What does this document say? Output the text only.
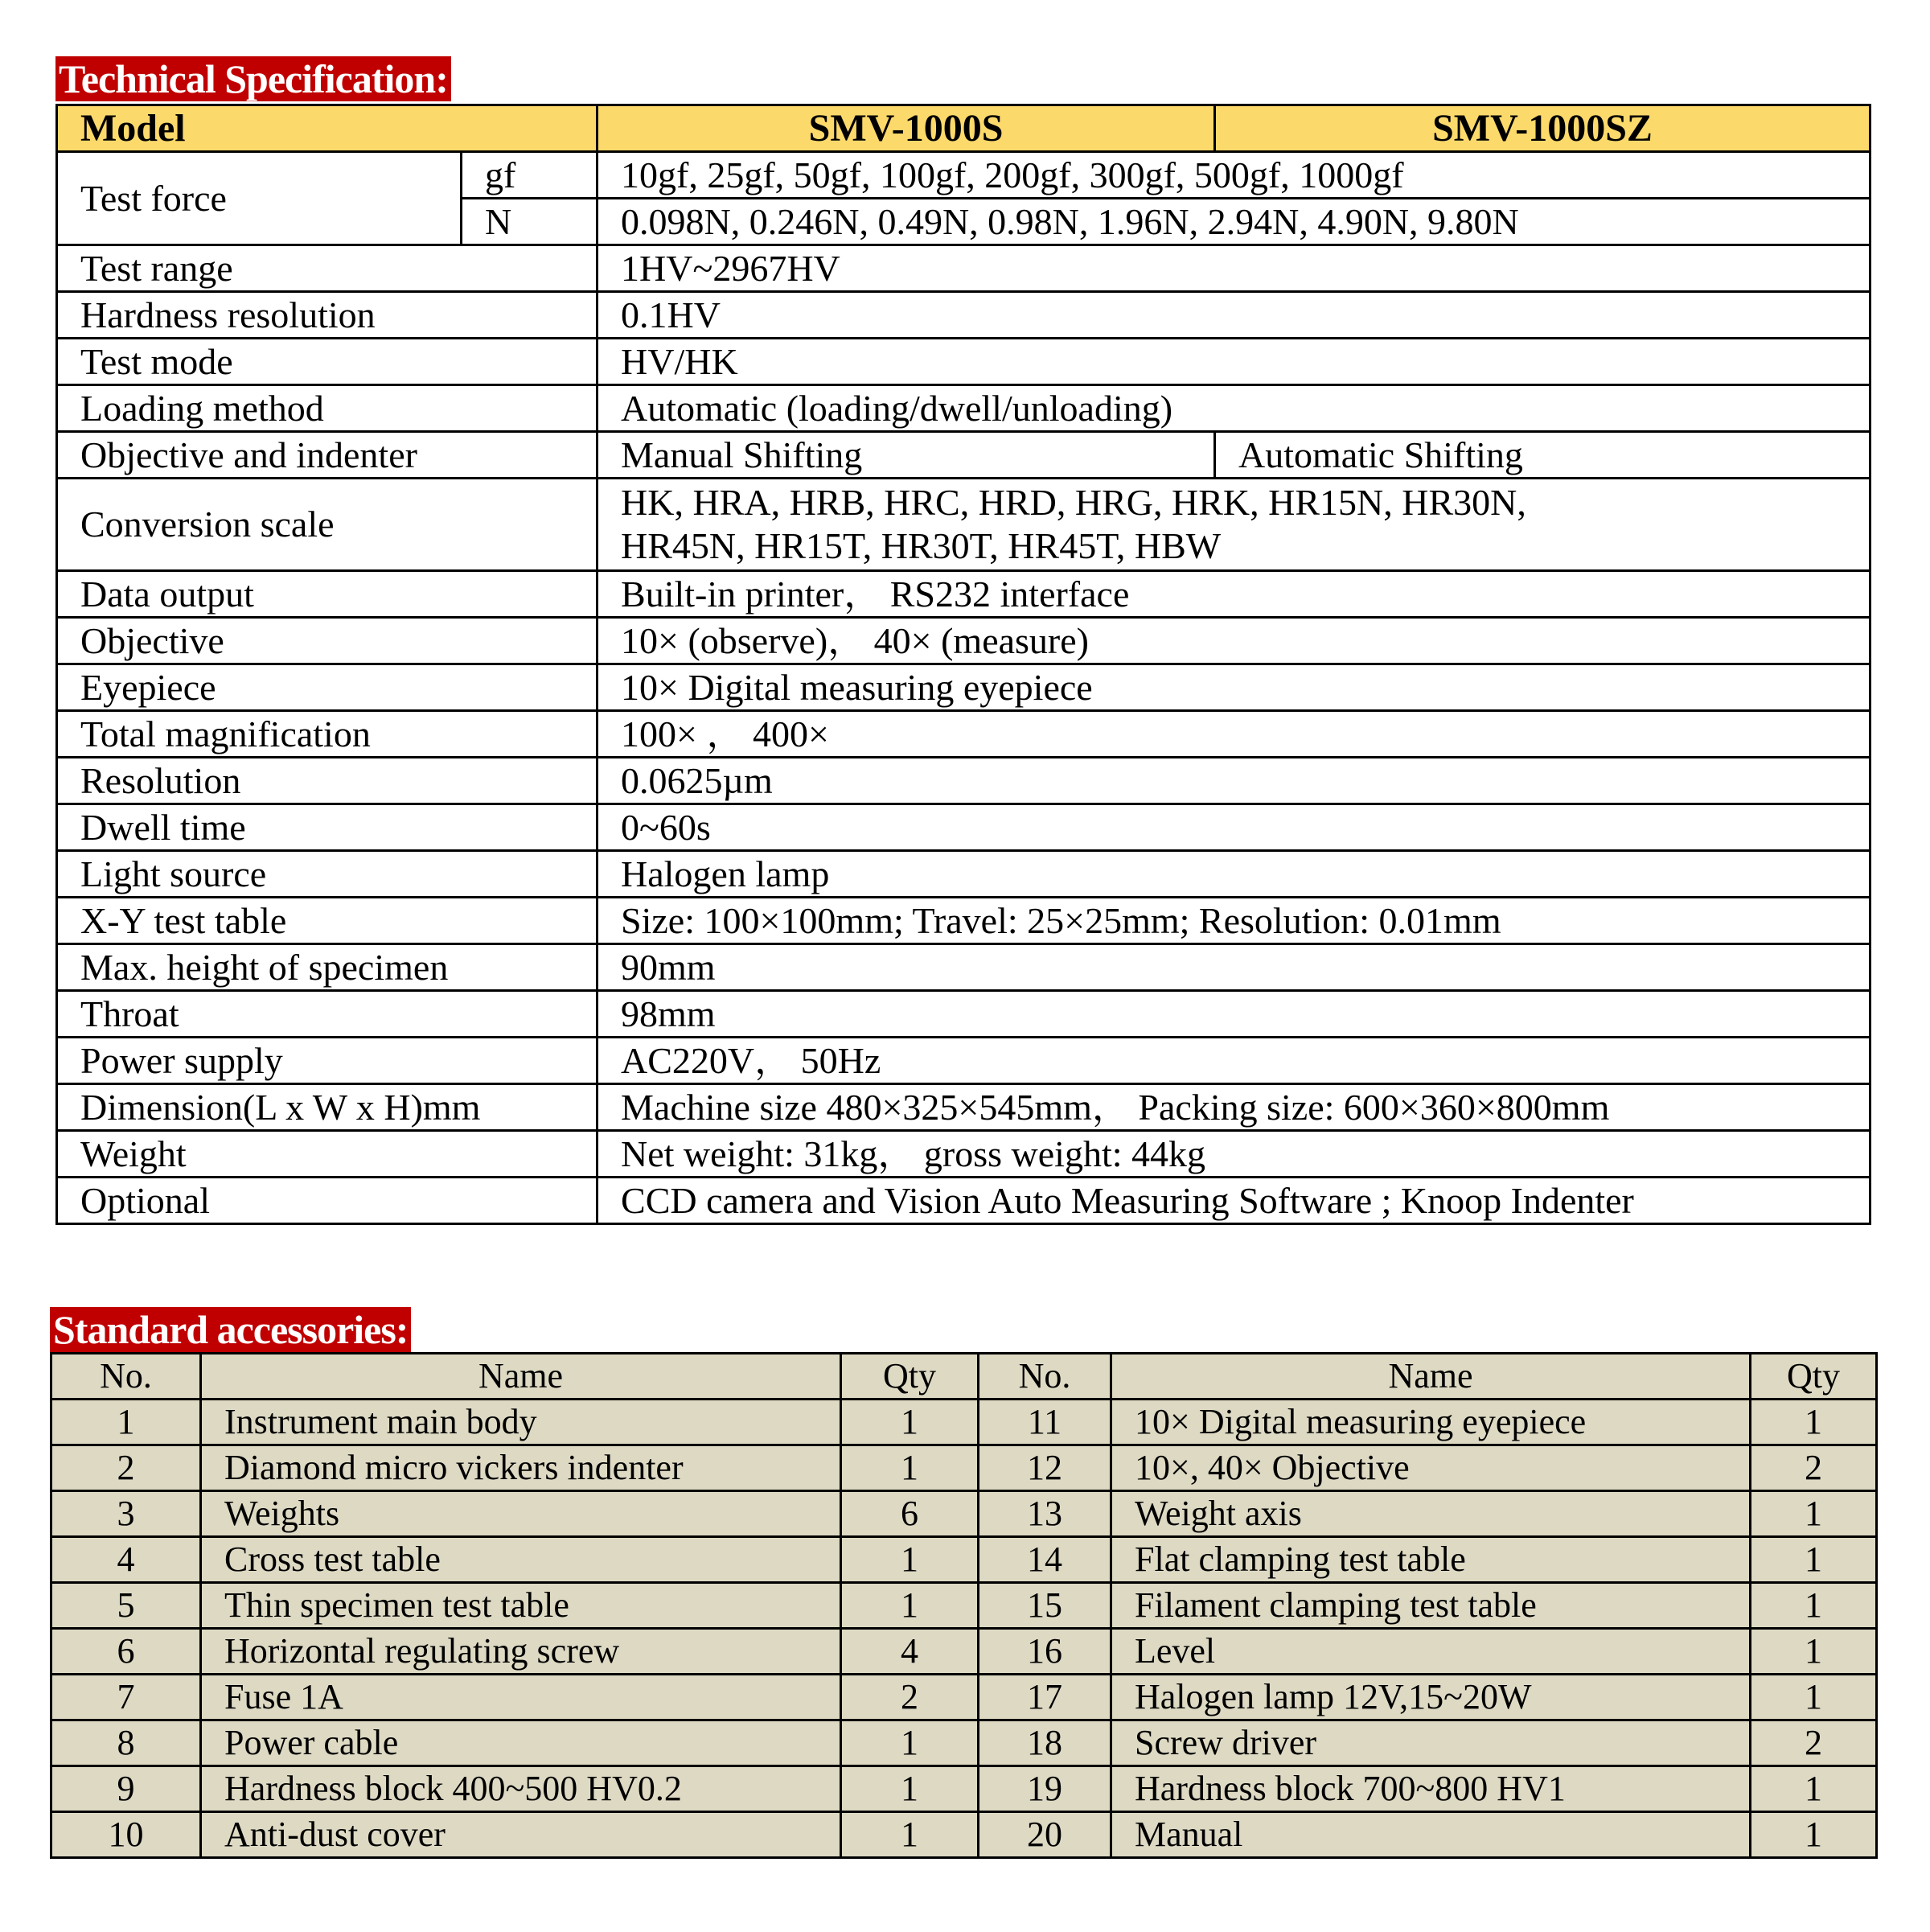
Technical Specification:
Model		SMV-1000S	SMV-1000SZ
Test force	gf	10gf, 25gf, 50gf, 100gf, 200gf, 300gf, 500gf, 1000gf	
	N	0.098N, 0.246N, 0.49N, 0.98N, 1.96N, 2.94N, 4.90N, 9.80N	
Test range		1HV~2967HV	
Hardness resolution		0.1HV	
Test mode		HV/HK	
Loading method		Automatic (loading/dwell/unloading)	
Objective and indenter		Manual Shifting	Automatic Shifting
Conversion scale		HK, HRA, HRB, HRC, HRD, HRG, HRK, HR15N, HR30N,
HR45N, HR15T, HR30T, HR45T, HBW	

Data output		Built-in printer， RS232 interface	
Objective		10× (observe)， 40× (measure)	
Eyepiece		10× Digital measuring eyepiece	
Total magnification		100× ， 400×	
Resolution		0.0625µm	
Dwell time		0~60s	
Light source		Halogen lamp	
X-Y test table		Size: 100×100mm; Travel: 25×25mm; Resolution: 0.01mm	
Max. height of specimen		90mm	
Throat		98mm	
Power supply		AC220V， 50Hz	
Dimension(L x W x H)mm		Machine size 480×325×545mm， Packing size: 600×360×800mm	
Weight		Net weight: 31kg， gross weight: 44kg	
Optional		CCD camera and Vision Auto Measuring Software ; Knoop Indenter	
Standard accessories:
No.	Name	Qty	No.	Name	Qty
1	Instrument main body	1	11	10× Digital measuring eyepiece	1
2	Diamond micro vickers indenter	1	12	10×, 40× Objective	2
3	Weights	6	13	Weight axis	1
4	Cross test table	1	14	Flat clamping test table	1
5	Thin specimen test table	1	15	Filament clamping test table	1
6	Horizontal regulating screw	4	16	Level	1
7	Fuse 1A	2	17	Halogen lamp 12V,15~20W	1
8	Power cable	1	18	Screw driver	2
9	Hardness block 400~500 HV0.2	1	19	Hardness block 700~800 HV1	1
10	Anti-dust cover	1	20	Manual	1
